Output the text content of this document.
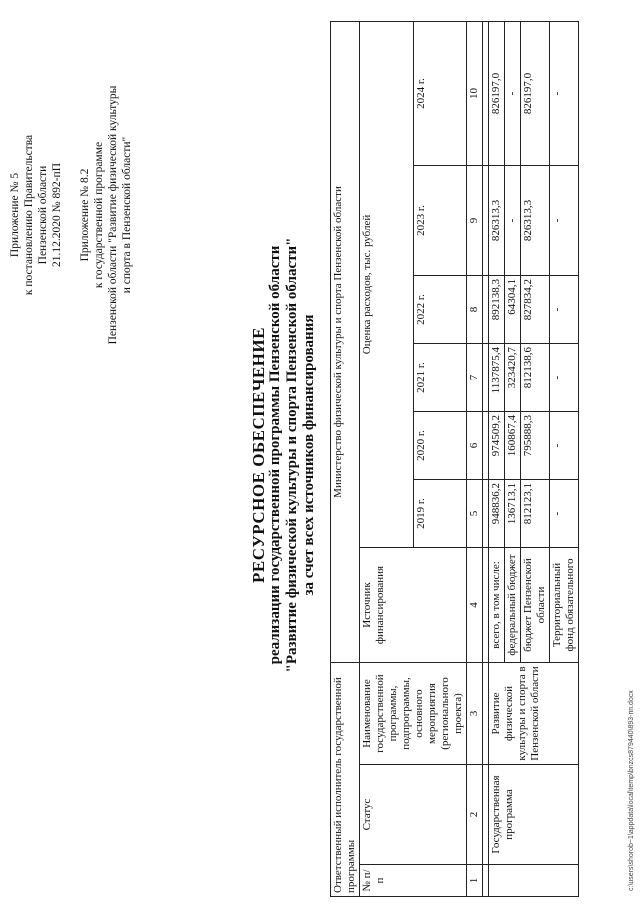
Приложение № 5 к постановлению Правительства Пензенской области 21.12.2020 № 892-пП Приложение № 8.2 к государственной программе Пензенской области "Развитие физической культуры и спорта в Пензенской области"
РЕСУРСНОЕ ОБЕСПЕЧЕНИЕ реализации государственной программы Пензенской области "Развитие физической культуры и спорта Пензенской области" за счет всех источников финансирования
Ответственный исполнитель государственной программы			Министерство физической культуры и спорта Пензенской области						
№ п/п	Статус	Наименование государственной программы, подпрограммы, основного мероприятия (регионального проекта)	Источник финансирования	Оценка расходов, тыс. рублей					
				2019 г.	2020 г.	2021 г.	2022 г.	2023 г.	2024 г.
1	2	3	4	5	6	7	8	9	10

	Государственная программа	Развитие физической культуры и спорта в Пензенской области	всего, в том числе:	948836,2	974509,2	1137875,4	892138,3	826313,3	826197,0
			федеральный бюджет	136713,1	160867,4	323420,7	64304,1	-	-
			бюджет Пензенской области	812123,1	795888,3	812138,6	827834,2	826313,3	826197,0
			Территориальный фонд обязательного	-	-	-	-	-	-
c:\users\shorob~1\appdata\local\temp\bnzcs879440\893-пп.docx
